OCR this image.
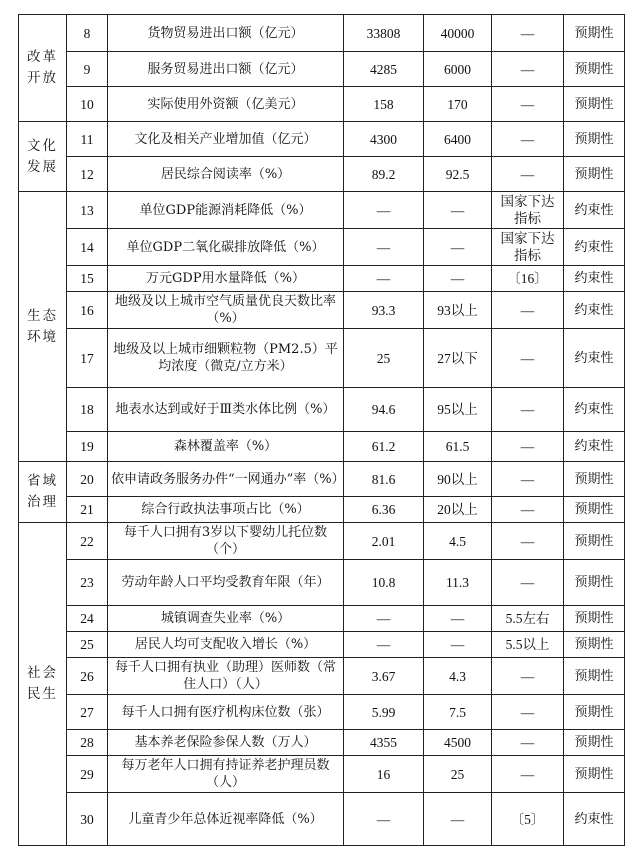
改革开放	8	货物贸易进出口额（亿元）	33808	40000	—	预期性
	9	服务贸易进出口额（亿元）	4285	6000	—	预期性
	10	实际使用外资额（亿美元）	158	170	—	预期性
文化发展	11	文化及相关产业增加值（亿元）	4300	6400	—	预期性
	12	居民综合阅读率（%）	89.2	92.5	—	预期性
生态环境	13	单位GDP能源消耗降低（%）	—	—	国家下达指标	约束性
	14	单位GDP二氧化碳排放降低（%）	—	—	国家下达指标	约束性
	15	万元GDP用水量降低（%）	—	—	〔16〕	约束性
	16	地级及以上城市空气质量优良天数比率（%）	93.3	93以上	—	约束性
	17	地级及以上城市细颗粒物（PM2.5）平均浓度（微克/立方米）	25	27以下	—	约束性
	18	地表水达到或好于Ⅲ类水体比例（%）	94.6	95以上	—	约束性
	19	森林覆盖率（%）	61.2	61.5	—	约束性
省域治理	20	依申请政务服务办件“一网通办”率（%）	81.6	90以上	—	预期性
	21	综合行政执法事项占比（%）	6.36	20以上	—	预期性
社会民生	22	每千人口拥有3岁以下婴幼儿托位数（个）	2.01	4.5	—	预期性
	23	劳动年龄人口平均受教育年限（年）	10.8	11.3	—	预期性
	24	城镇调查失业率（%）	—	—	5.5左右	预期性
	25	居民人均可支配收入增长（%）	—	—	5.5以上	预期性
	26	每千人口拥有执业（助理）医师数（常住人口）（人）	3.67	4.3	—	预期性
	27	每千人口拥有医疗机构床位数（张）	5.99	7.5	—	预期性
	28	基本养老保险参保人数（万人）	4355	4500	—	预期性
	29	每万老年人口拥有持证养老护理员数（人）	16	25	—	预期性
	30	儿童青少年总体近视率降低（%）	—	—	〔5〕	约束性
